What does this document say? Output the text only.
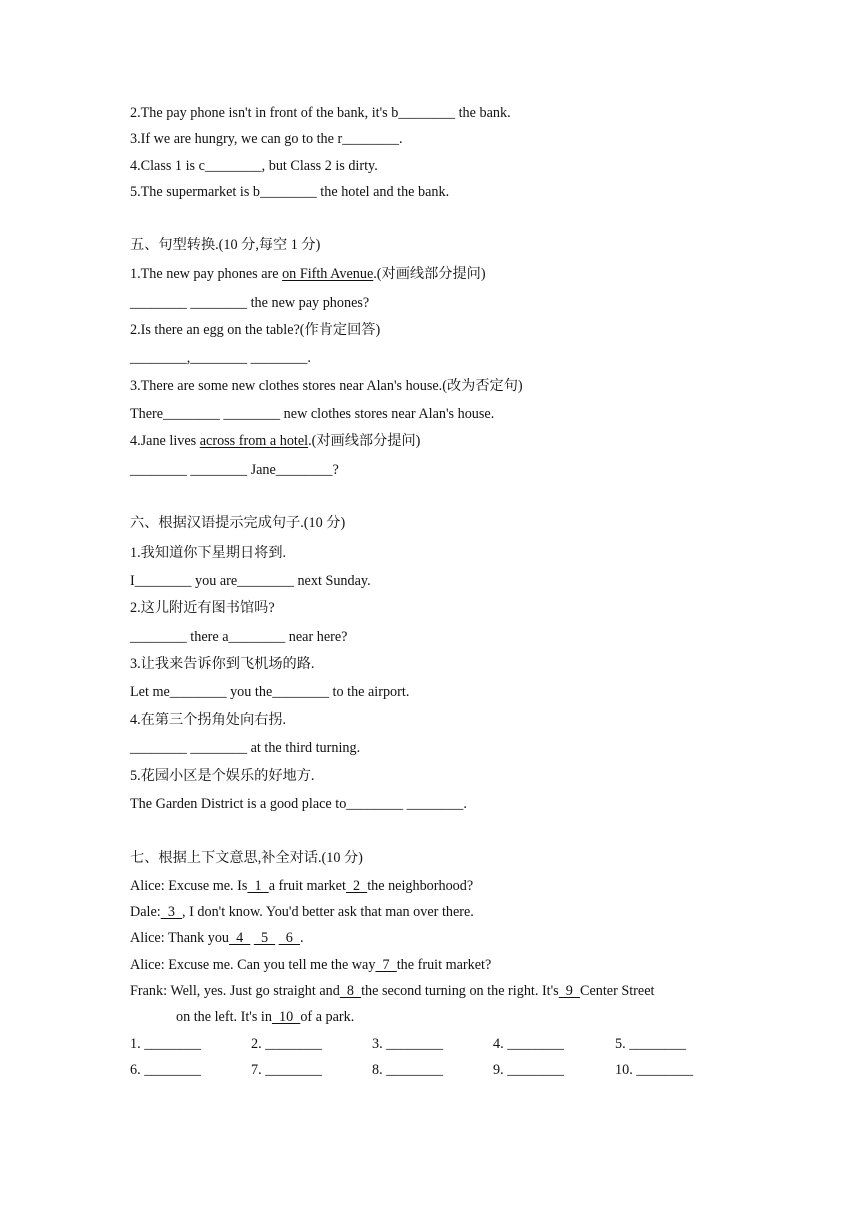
2.The pay phone isn't in front of the bank, it's b________ the bank.
3.If we are hungry, we can go to the r________.
4.Class 1 is c________, but Class 2 is dirty.
5.The supermarket is b________ the hotel and the bank.
五、句型转换.(10 分,每空 1 分)
1.The new pay phones are on Fifth Avenue.(对画线部分提问)
________ ________ the new pay phones?
2.Is there an egg on the table?(作肯定回答)
________,________ ________.
3.There are some new clothes stores near Alan's house.(改为否定句)
There________ ________ new clothes stores near Alan's house.
4.Jane lives across from a hotel.(对画线部分提问)
________ ________ Jane________?
六、根据汉语提示完成句子.(10 分)
1.我知道你下星期日将到.
I________ you are________ next Sunday.
2.这儿附近有图书馆吗?
________ there a________ near here?
3.让我来告诉你到飞机场的路.
Let me________ you the________ to the airport.
4.在第三个拐角处向右拐.
________ ________ at the third turning.
5.花园小区是个娱乐的好地方.
The Garden District is a good place to________ ________.
七、根据上下文意思,补全对话.(10 分)
Alice: Excuse me. Is  1  a fruit market  2  the neighborhood?
Dale:  3  , I don't know. You'd better ask that man over there.
Alice: Thank you  4     5     6  .
Alice: Excuse me. Can you tell me the way  7  the fruit market?
Frank: Well, yes. Just go straight and  8  the second turning on the right. It's  9  Center Street
on the left. It's in  10  of a park.
1. ________	2. ________	3. ________	4. ________	5. ________
6. ________	7. ________	8. ________	9. ________	10. ________
